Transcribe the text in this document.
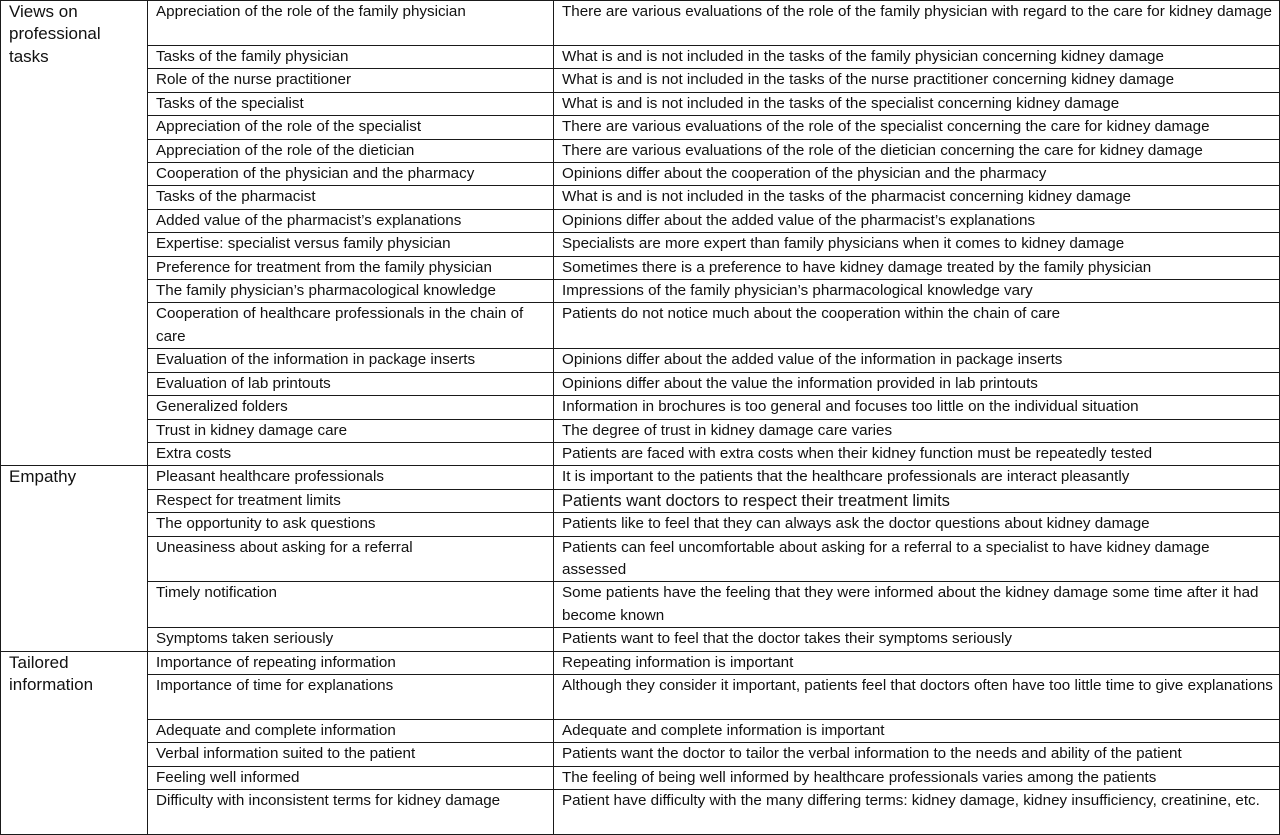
Views on professional tasks	Appreciation of the role of the family physician	There are various evaluations of the role of the family physician with regard to the care for kidney damage
	Tasks of the family physician	What is and is not included in the tasks of the family physician concerning kidney damage
	Role of the nurse practitioner	What is and is not included in the tasks of the nurse practitioner concerning kidney damage
	Tasks of the specialist	What is and is not included in the tasks of the specialist concerning kidney damage
	Appreciation of the role of the specialist	There are various evaluations of the role of the specialist concerning the care for kidney damage
	Appreciation of the role of the dietician	There are various evaluations of the role of the dietician concerning the care for kidney damage
	Cooperation of the physician and the pharmacy	Opinions differ about the cooperation of the physician and the pharmacy
	Tasks of the pharmacist	What is and is not included in the tasks of the pharmacist concerning kidney damage
	Added value of the pharmacist’s explanations	Opinions differ about the added value of the pharmacist’s explanations
	Expertise: specialist versus family physician	Specialists are more expert than family physicians when it comes to kidney damage
	Preference for treatment from the family physician	Sometimes there is a preference to have kidney damage treated by the family physician
	The family physician’s pharmacological knowledge	Impressions of the family physician’s pharmacological knowledge vary
	Cooperation of healthcare professionals in the chain of care	Patients do not notice much about the cooperation within the chain of care
	Evaluation of the information in package inserts	Opinions differ about the added value of the information in package inserts
	Evaluation of lab printouts	Opinions differ about the value the information provided in lab printouts
	Generalized folders	Information in brochures is too general and focuses too little on the individual situation
	Trust in kidney damage care	The degree of trust in kidney damage care varies
	Extra costs	Patients are faced with extra costs when their kidney function must be repeatedly tested
Empathy	Pleasant healthcare professionals	It is important to the patients that the healthcare professionals are interact pleasantly
	Respect for treatment limits	Patients want doctors to respect their treatment limits
	The opportunity to ask questions	Patients like to feel that they can always ask the doctor questions about kidney damage
	Uneasiness about asking for a referral	Patients can feel uncomfortable about asking for a referral to a specialist to have kidney damage assessed
	Timely notification	Some patients have the feeling that they were informed about the kidney damage some time after it had become known
	Symptoms taken seriously	Patients want to feel that the doctor takes their symptoms seriously
Tailored information	Importance of repeating information	Repeating information is important
	Importance of time for explanations	Although they consider it important, patients feel that doctors often have too little time to give explanations
	Adequate and complete information	Adequate and complete information is important
	Verbal information suited to the patient	Patients want the doctor to tailor the verbal information to the needs and ability of the patient
	Feeling well informed	The feeling of being well informed by healthcare professionals varies among the patients
	Difficulty with inconsistent terms for kidney damage	Patient have difficulty with the many differing terms: kidney damage, kidney insufficiency, creatinine, etc.
